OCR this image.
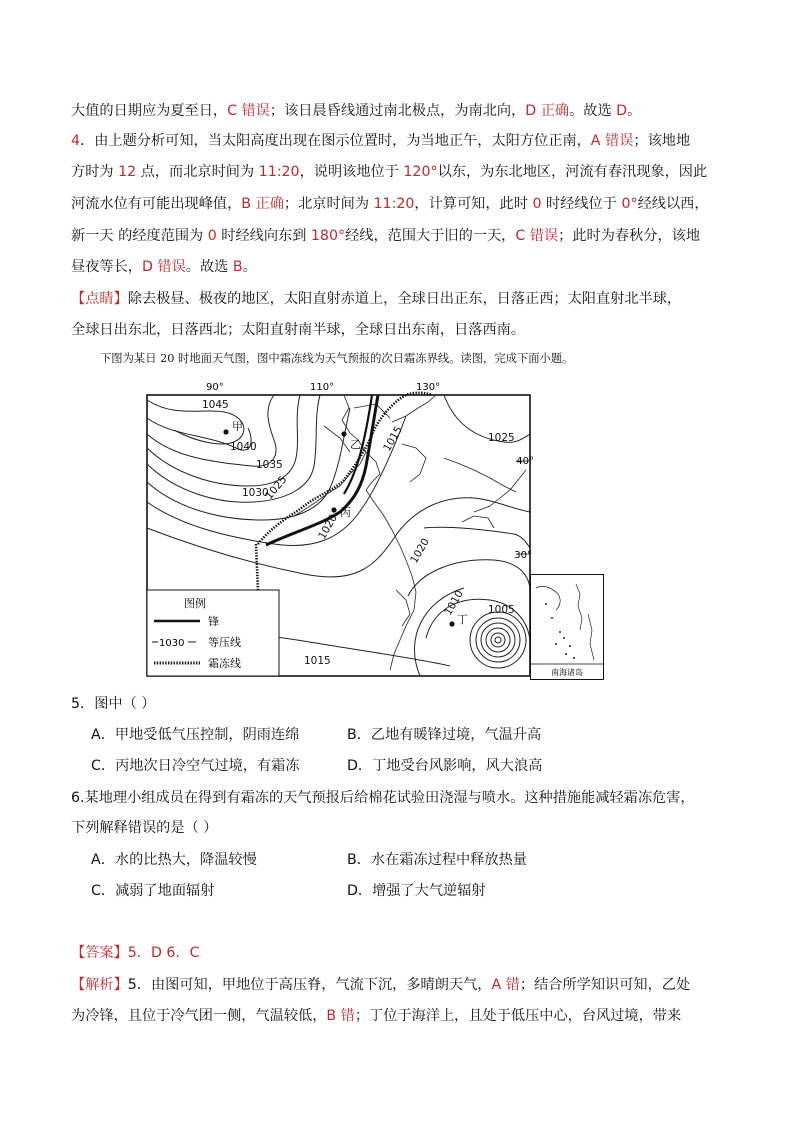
大值的日期应为夏至日，C 错误；该日晨昏线通过南北极点，为南北向，D 正确。故选 D。
4．由上题分析可知，当太阳高度出现在图示位置时，为当地正午，太阳方位正南，A 错误；该地地
方时为 12 点，而北京时间为 11:20，说明该地位于 120°以东，为东北地区，河流有春汛现象，因此
河流水位有可能出现峰值，B 正确；北京时间为 11:20，计算可知，此时 0 时经线位于 0°经线以西，
新一天 的经度范围为 0 时经线向东到 180°经线，范围大于旧的一天，C 错误；此时为春秋分，该地
昼夜等长，D 错误。故选 B。
【点睛】除去极昼、极夜的地区，太阳直射赤道上，全球日出正东，日落正西；太阳直射北半球，
全球日出东北，日落西北；太阳直射南半球，全球日出东南，日落西南。
下图为某日 20 时地面天气图，图中霜冻线为天气预报的次日霜冻界线。读图，完成下面小题。
90°	110°	130°
40°
30°
1045
1040
1035
1030
1025
1020
1015	1025
1020
1010 1005
1015
甲
乙
丙
丁
图例
锋
1030 等压线
霜冻线
南海诸岛
5．图中（ ）
A．甲地受低气压控制，阴雨连绵	B．乙地有暖锋过境，气温升高
C．丙地次日冷空气过境，有霜冻	D．丁地受台风影响，风大浪高
6.某地理小组成员在得到有霜冻的天气预报后给棉花试验田浇湿与喷水。这种措施能减轻霜冻危害，
下列解释错误的是（ ）
A．水的比热大，降温较慢	B．水在霜冻过程中释放热量
C．减弱了地面辐射	D．增强了大气逆辐射
【答案】5．D 6．C
【解析】5．由图可知，甲地位于高压脊，气流下沉，多晴朗天气，A 错；结合所学知识可知，乙处
为冷锋，且位于冷气团一侧，气温较低，B 错；丁位于海洋上，且处于低压中心，台风过境，带来
